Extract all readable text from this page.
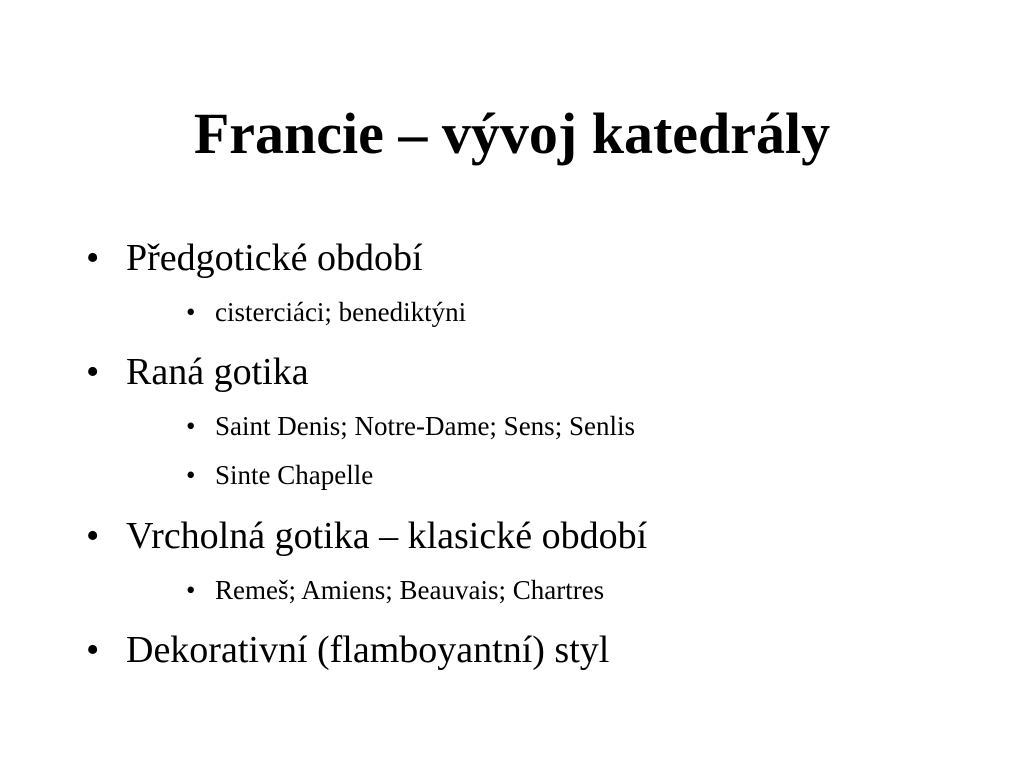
Francie – vývoj katedrály
• Předgotické období
• cisterciáci; benediktýni
• Raná gotika
• Saint Denis; Notre-Dame; Sens; Senlis
• Sinte Chapelle
• Vrcholná gotika – klasické období
• Remeš; Amiens; Beauvais; Chartres
• Dekorativní (flamboyantní) styl
